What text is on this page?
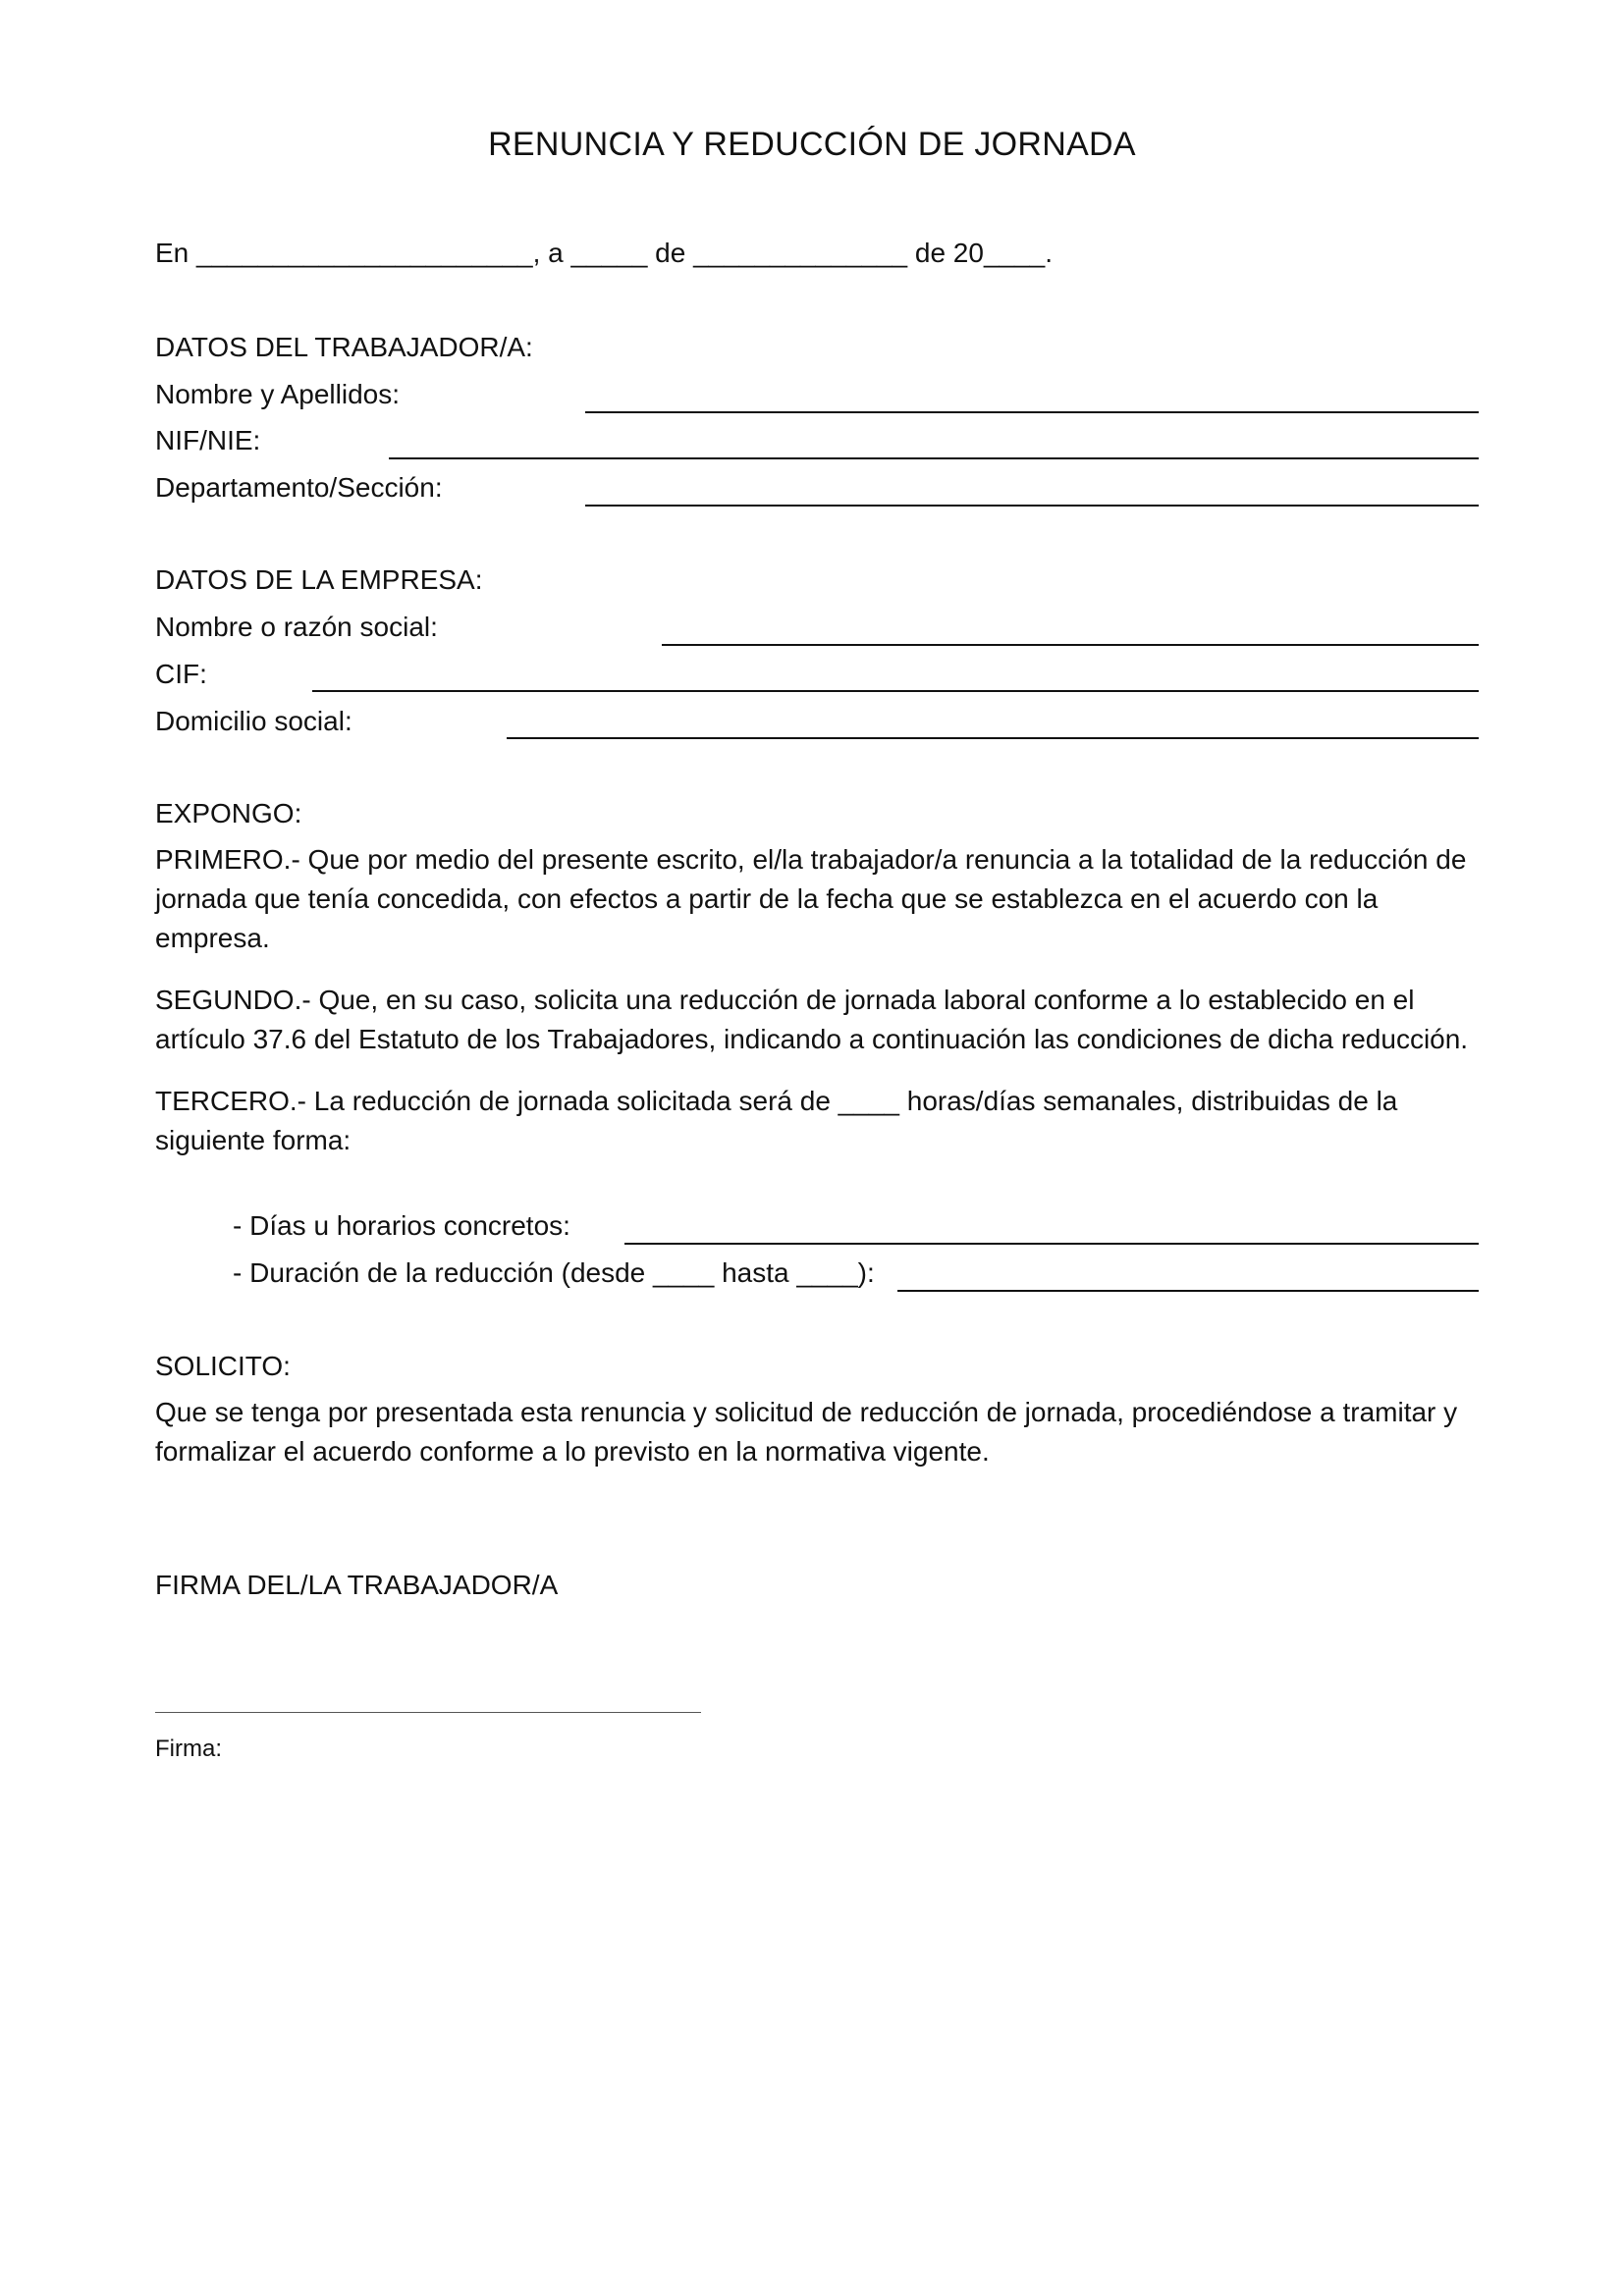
RENUNCIA Y REDUCCIÓN DE JORNADA
En ______________________, a _____ de ______________ de 20____.
DATOS DEL TRABAJADOR/A:
Nombre y Apellidos:
NIF/NIE:
Departamento/Sección:
DATOS DE LA EMPRESA:
Nombre o razón social:
CIF:
Domicilio social:
EXPONGO:
PRIMERO.- Que por medio del presente escrito, el/la trabajador/a renuncia a la totalidad de la reducción de jornada que tenía concedida, con efectos a partir de la fecha que se establezca en el acuerdo con la empresa.
SEGUNDO.- Que, en su caso, solicita una reducción de jornada laboral conforme a lo establecido en el artículo 37.6 del Estatuto de los Trabajadores, indicando a continuación las condiciones de dicha reducción.
TERCERO.- La reducción de jornada solicitada será de ____ horas/días semanales, distribuidas de la siguiente forma:
- Días u horarios concretos:
- Duración de la reducción (desde ____ hasta ____):
SOLICITO:
Que se tenga por presentada esta renuncia y solicitud de reducción de jornada, procediéndose a tramitar y formalizar el acuerdo conforme a lo previsto en la normativa vigente.
FIRMA DEL/LA TRABAJADOR/A
Firma:
